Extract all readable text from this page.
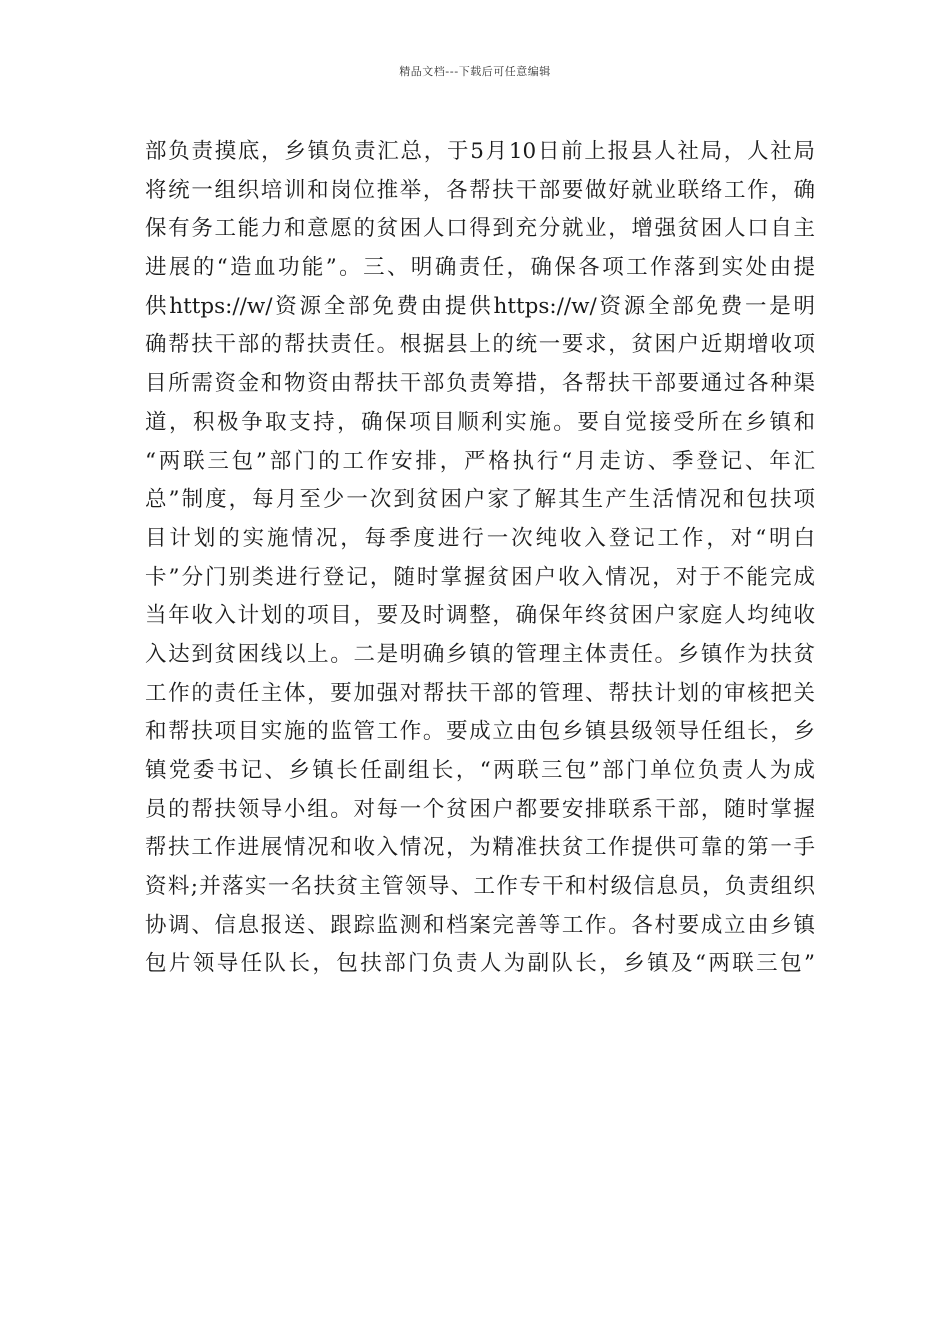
精品文档---下载后可任意编辑
部负责摸底，乡镇负责汇总，于5月10日前上报县人社局，人社局
将统一组织培训和岗位推举，各帮扶干部要做好就业联络工作，确
保有务工能力和意愿的贫困人口得到充分就业，增强贫困人口自主
进展的“造血功能”。三、明确责任，确保各项工作落到实处由提
供https://w/资源全部免费由提供https://w/资源全部免费一是明
确帮扶干部的帮扶责任。根据县上的统一要求，贫困户近期增收项
目所需资金和物资由帮扶干部负责筹措，各帮扶干部要通过各种渠
道，积极争取支持，确保项目顺利实施。要自觉接受所在乡镇和
“两联三包”部门的工作安排，严格执行“月走访、季登记、年汇
总”制度，每月至少一次到贫困户家了解其生产生活情况和包扶项
目计划的实施情况，每季度进行一次纯收入登记工作，对“明白
卡”分门别类进行登记，随时掌握贫困户收入情况，对于不能完成
当年收入计划的项目，要及时调整，确保年终贫困户家庭人均纯收
入达到贫困线以上。二是明确乡镇的管理主体责任。乡镇作为扶贫
工作的责任主体，要加强对帮扶干部的管理、帮扶计划的审核把关
和帮扶项目实施的监管工作。要成立由包乡镇县级领导任组长，乡
镇党委书记、乡镇长任副组长，“两联三包”部门单位负责人为成
员的帮扶领导小组。对每一个贫困户都要安排联系干部，随时掌握
帮扶工作进展情况和收入情况，为精准扶贫工作提供可靠的第一手
资料;并落实一名扶贫主管领导、工作专干和村级信息员，负责组织
协调、信息报送、跟踪监测和档案完善等工作。各村要成立由乡镇
包片领导任队长，包扶部门负责人为副队长，乡镇及“两联三包”
